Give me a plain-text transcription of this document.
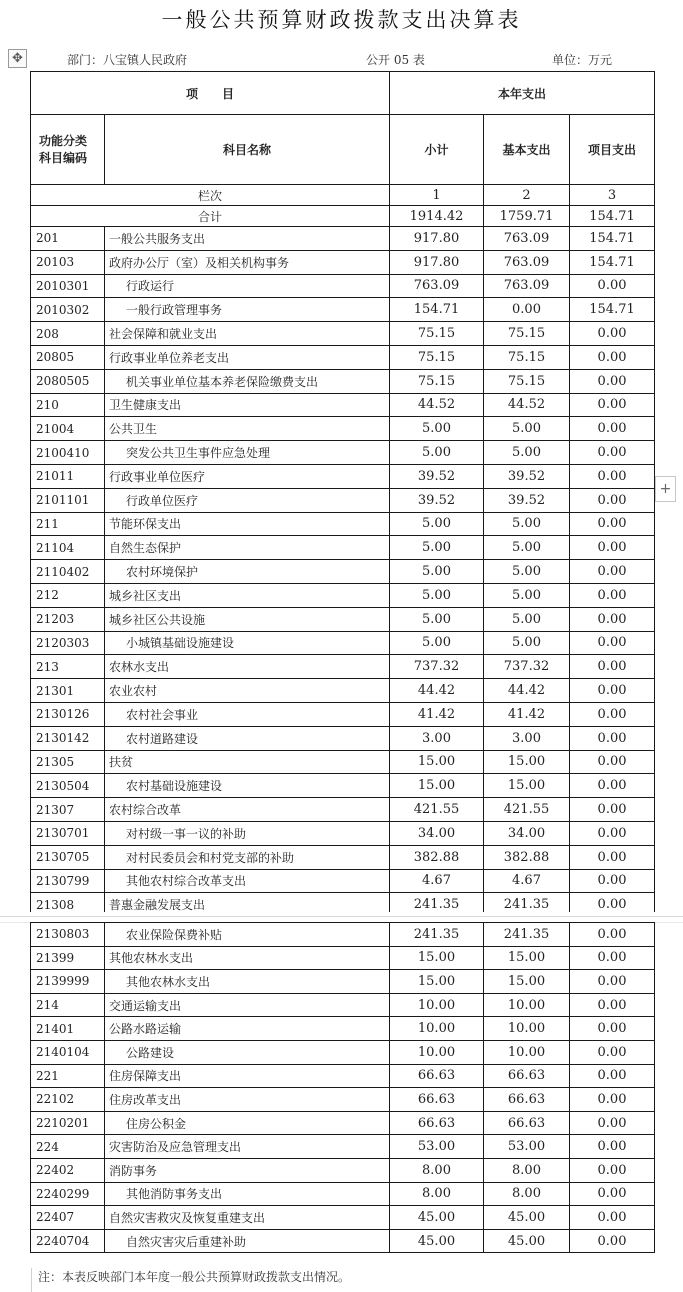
一般公共预算财政拨款支出决算表
✥	部门：八宝镇人民政府	公开 05 表	单位：万元
项　　目		本年支出		
功能分类
科目编码	科目名称	小计	基本支出	项目支出
栏次		1	2	3
合计		1914.42	1759.71	154.71
201	一般公共服务支出	917.80	763.09	154.71
20103	政府办公厅（室）及相关机构事务	917.80	763.09	154.71
2010301	行政运行	763.09	763.09	0.00
2010302	一般行政管理事务	154.71	0.00	154.71
208	社会保障和就业支出	75.15	75.15	0.00
20805	行政事业单位养老支出	75.15	75.15	0.00
2080505	机关事业单位基本养老保险缴费支出	75.15	75.15	0.00
210	卫生健康支出	44.52	44.52	0.00
21004	公共卫生	5.00	5.00	0.00
2100410	突发公共卫生事件应急处理	5.00	5.00	0.00
21011	行政事业单位医疗	39.52	39.52	0.00
2101101	行政单位医疗	39.52	39.52	0.00
211	节能环保支出	5.00	5.00	0.00
21104	自然生态保护	5.00	5.00	0.00
2110402	农村环境保护	5.00	5.00	0.00
212	城乡社区支出	5.00	5.00	0.00
21203	城乡社区公共设施	5.00	5.00	0.00
2120303	小城镇基础设施建设	5.00	5.00	0.00
213	农林水支出	737.32	737.32	0.00
21301	农业农村	44.42	44.42	0.00
2130126	农村社会事业	41.42	41.42	0.00
2130142	农村道路建设	3.00	3.00	0.00
21305	扶贫	15.00	15.00	0.00
2130504	农村基础设施建设	15.00	15.00	0.00
21307	农村综合改革	421.55	421.55	0.00
2130701	对村级一事一议的补助	34.00	34.00	0.00
2130705	对村民委员会和村党支部的补助	382.88	382.88	0.00
2130799	其他农村综合改革支出	4.67	4.67	0.00
21308	普惠金融发展支出	241.35	241.35	0.00
+
2130803	农业保险保费补贴	241.35	241.35	0.00
21399	其他农林水支出	15.00	15.00	0.00
2139999	其他农林水支出	15.00	15.00	0.00
214	交通运输支出	10.00	10.00	0.00
21401	公路水路运输	10.00	10.00	0.00
2140104	公路建设	10.00	10.00	0.00
221	住房保障支出	66.63	66.63	0.00
22102	住房改革支出	66.63	66.63	0.00
2210201	住房公积金	66.63	66.63	0.00
224	灾害防治及应急管理支出	53.00	53.00	0.00
22402	消防事务	8.00	8.00	0.00
2240299	其他消防事务支出	8.00	8.00	0.00
22407	自然灾害救灾及恢复重建支出	45.00	45.00	0.00
2240704	自然灾害灾后重建补助	45.00	45.00	0.00
注：本表反映部门本年度一般公共预算财政拨款支出情况。
